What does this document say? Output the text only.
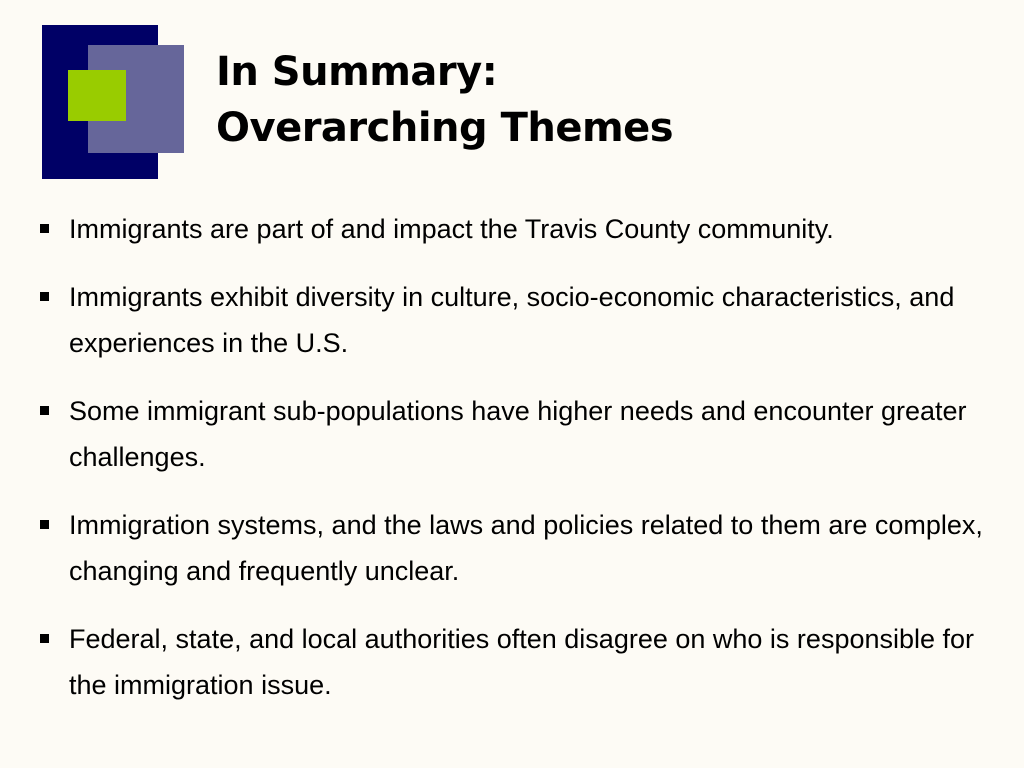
In Summary:
Overarching Themes
Immigrants are part of and impact the Travis County community.
Immigrants exhibit diversity in culture, socio-economic characteristics, and experiences in the U.S.
Some immigrant sub-populations have higher needs and encounter greater challenges.
Immigration systems, and the laws and policies related to them are complex, changing and frequently unclear.
Federal, state, and local authorities often disagree on who is responsible for the immigration issue.
